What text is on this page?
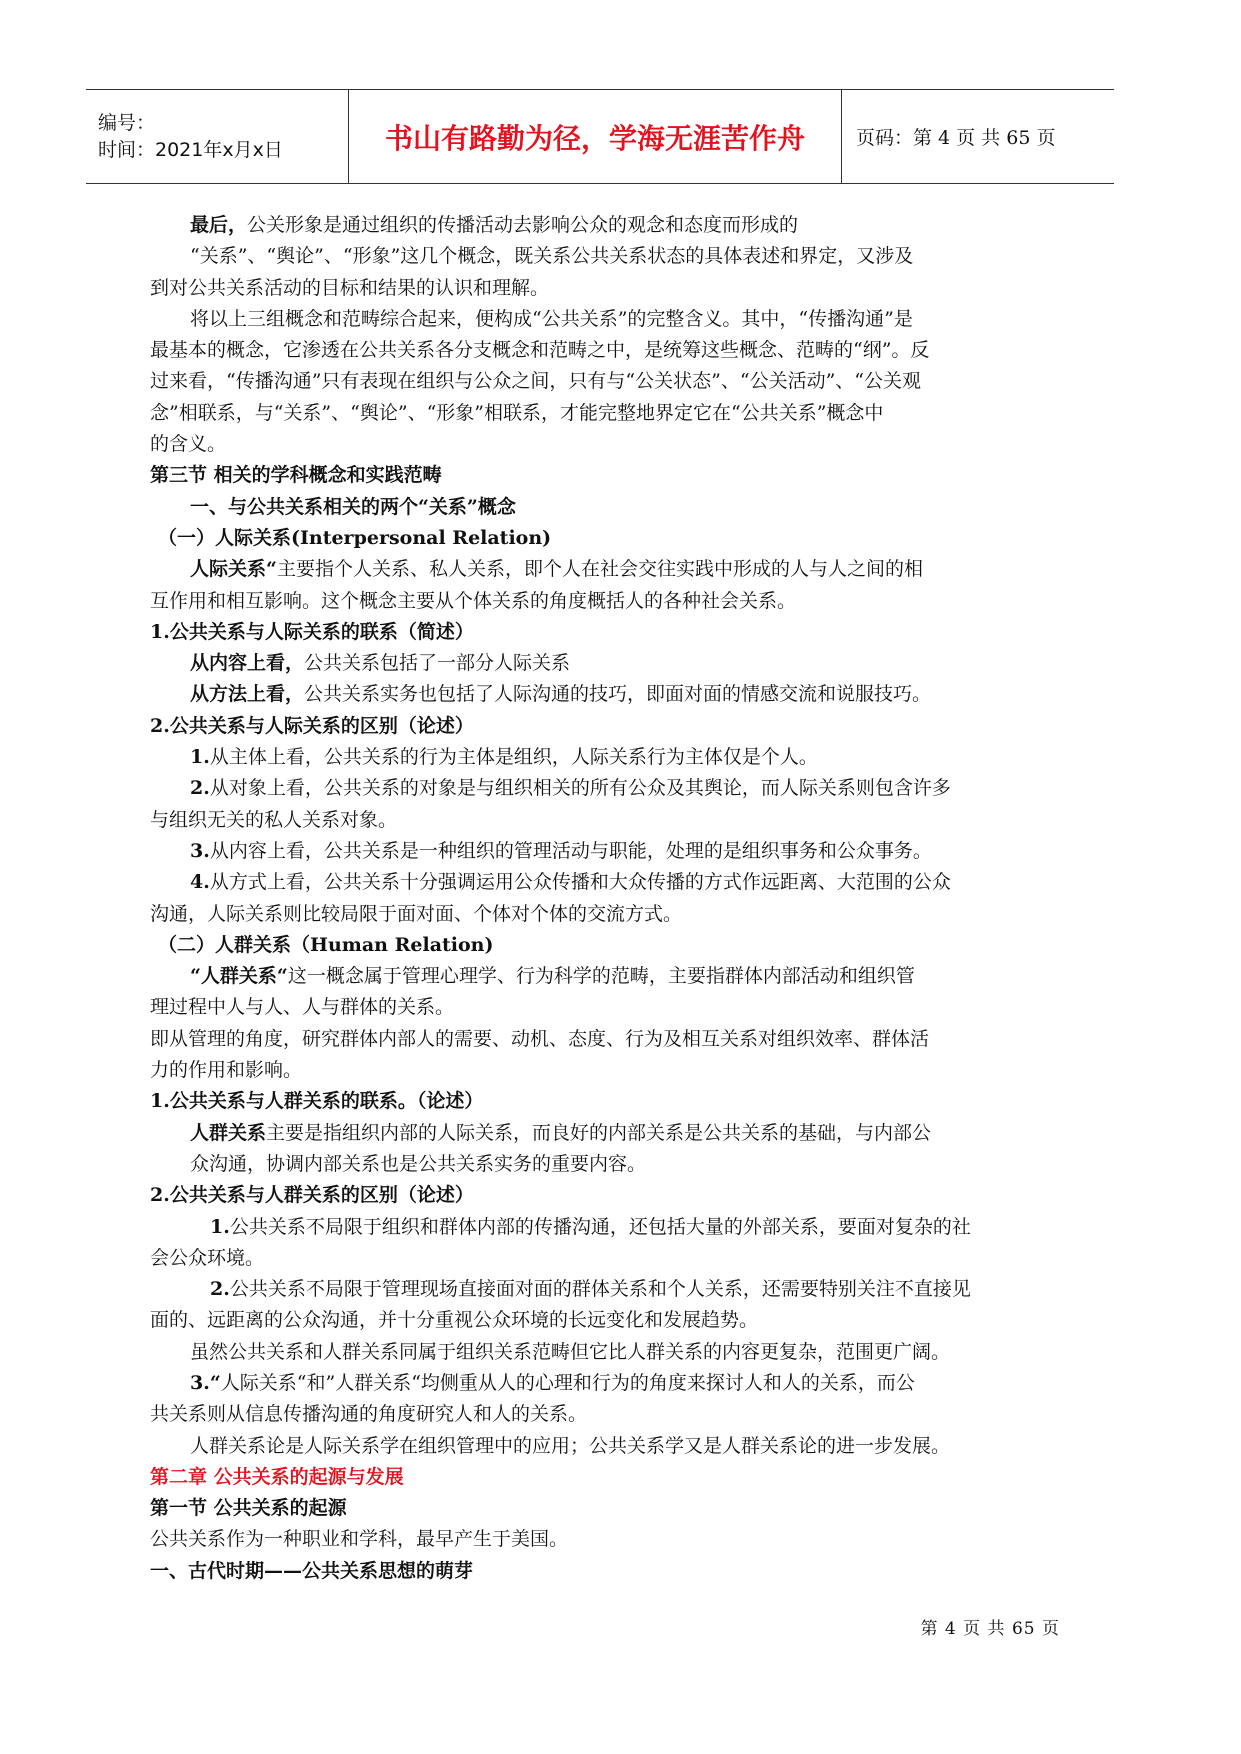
编号：
时间：2021年x月x日	书山有路勤为径，学海无涯苦作舟	页码：第 4 页 共 65 页
最后，公关形象是通过组织的传播活动去影响公众的观念和态度而形成的
“关系”、“舆论”、“形象”这几个概念，既关系公共关系状态的具体表述和界定，又涉及
到对公共关系活动的目标和结果的认识和理解。
将以上三组概念和范畴综合起来，便构成“公共关系”的完整含义。其中，“传播沟通”是
最基本的概念，它渗透在公共关系各分支概念和范畴之中，是统筹这些概念、范畴的“纲”。反
过来看，“传播沟通”只有表现在组织与公众之间，只有与“公关状态”、“公关活动”、“公关观
念”相联系，与“关系”、“舆论”、“形象”相联系，才能完整地界定它在“公共关系”概念中
的含义。
第三节 相关的学科概念和实践范畴
一、与公共关系相关的两个“关系”概念
（一）人际关系(Interpersonal Relation)
人际关系“主要指个人关系、私人关系，即个人在社会交往实践中形成的人与人之间的相
互作用和相互影响。这个概念主要从个体关系的角度概括人的各种社会关系。
1.公共关系与人际关系的联系（简述）
从内容上看，公共关系包括了一部分人际关系
从方法上看，公共关系实务也包括了人际沟通的技巧，即面对面的情感交流和说服技巧。
2.公共关系与人际关系的区别（论述）
1.从主体上看，公共关系的行为主体是组织，人际关系行为主体仅是个人。
2.从对象上看，公共关系的对象是与组织相关的所有公众及其舆论，而人际关系则包含许多
与组织无关的私人关系对象。
3.从内容上看，公共关系是一种组织的管理活动与职能，处理的是组织事务和公众事务。
4.从方式上看，公共关系十分强调运用公众传播和大众传播的方式作远距离、大范围的公众
沟通，人际关系则比较局限于面对面、个体对个体的交流方式。
（二）人群关系（Human Relation)
“人群关系“这一概念属于管理心理学、行为科学的范畴，主要指群体内部活动和组织管
理过程中人与人、人与群体的关系。
即从管理的角度，研究群体内部人的需要、动机、态度、行为及相互关系对组织效率、群体活
力的作用和影响。
1.公共关系与人群关系的联系。（论述）
人群关系主要是指组织内部的人际关系，而良好的内部关系是公共关系的基础，与内部公
众沟通，协调内部关系也是公共关系实务的重要内容。
2.公共关系与人群关系的区别（论述）
1.公共关系不局限于组织和群体内部的传播沟通，还包括大量的外部关系，要面对复杂的社
会公众环境。
2.公共关系不局限于管理现场直接面对面的群体关系和个人关系，还需要特别关注不直接见
面的、远距离的公众沟通，并十分重视公众环境的长远变化和发展趋势。
虽然公共关系和人群关系同属于组织关系范畴但它比人群关系的内容更复杂，范围更广阔。
3.“人际关系“和”人群关系“均侧重从人的心理和行为的角度来探讨人和人的关系，而公
共关系则从信息传播沟通的角度研究人和人的关系。
人群关系论是人际关系学在组织管理中的应用；公共关系学又是人群关系论的进一步发展。
第二章 公共关系的起源与发展
第一节 公共关系的起源
公共关系作为一种职业和学科，最早产生于美国。
一、古代时期——公共关系思想的萌芽
第 4 页 共 65 页
